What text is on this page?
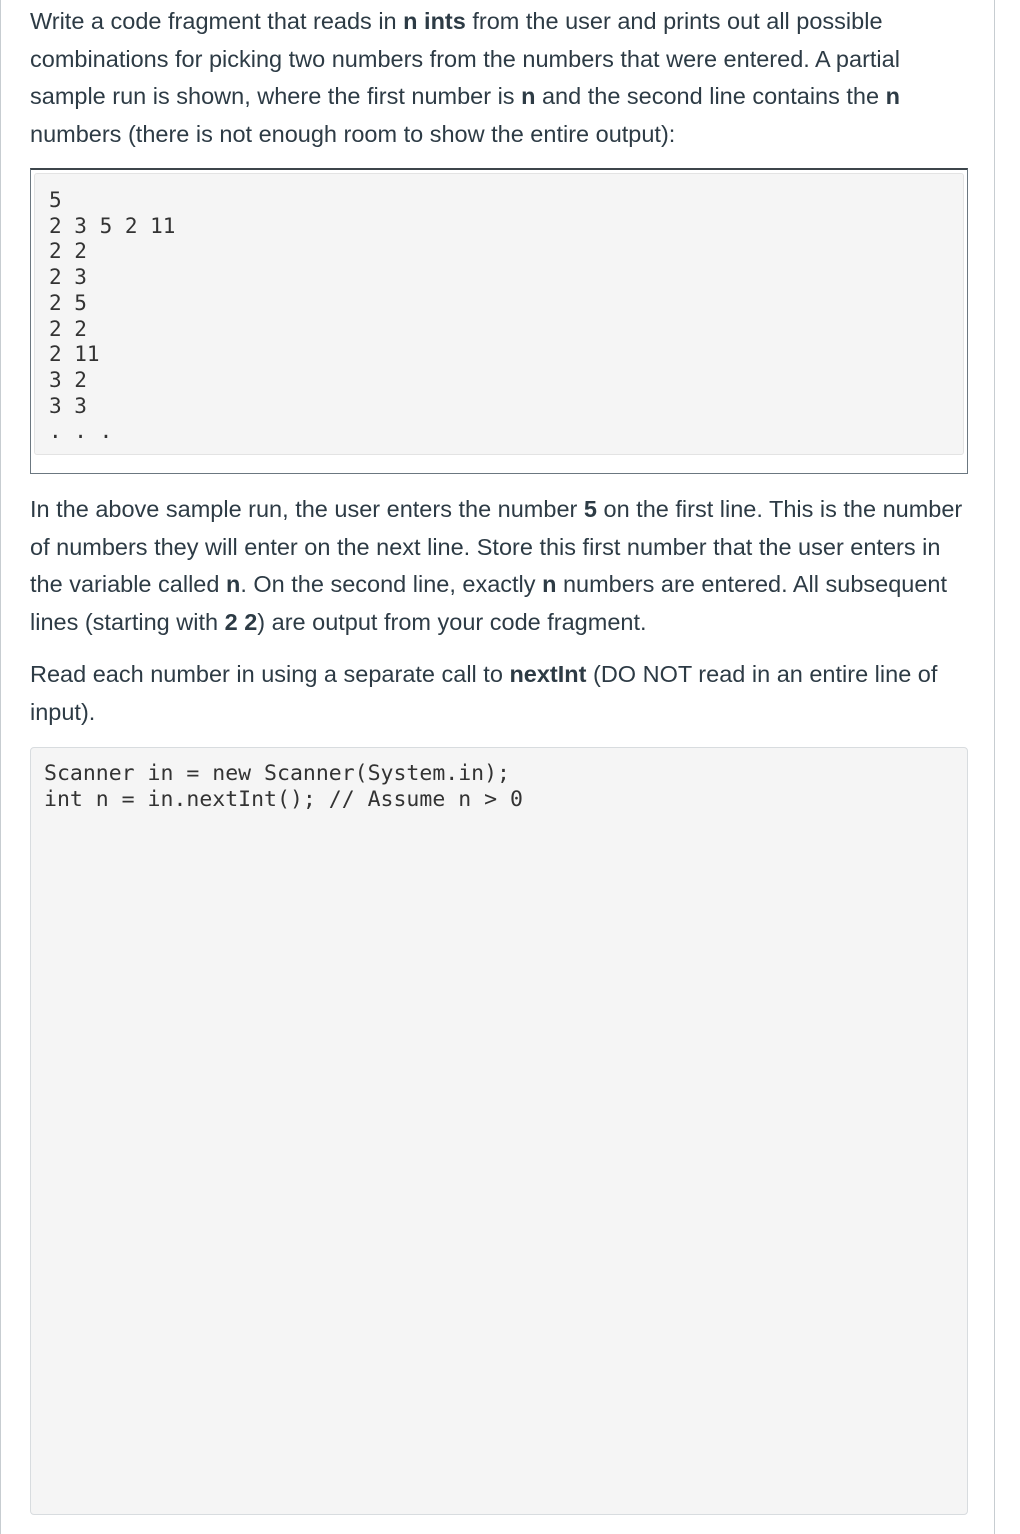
Write a code fragment that reads in n ints from the user and prints out all possible combinations for picking two numbers from the numbers that were entered. A partial sample run is shown, where the first number is n and the second line contains the n numbers (there is not enough room to show the entire output):

5
2 3 5 2 11
2 2
2 3
2 5
2 2
2 11
3 2
3 3
. . .

In the above sample run, the user enters the number 5 on the first line. This is the number of numbers they will enter on the next line. Store this first number that the user enters in the variable called n. On the second line, exactly n numbers are entered. All subsequent lines (starting with 2 2) are output from your code fragment.

Read each number in using a separate call to nextInt (DO NOT read in an entire line of input).

Scanner in = new Scanner(System.in);
int n = in.nextInt(); // Assume n > 0
